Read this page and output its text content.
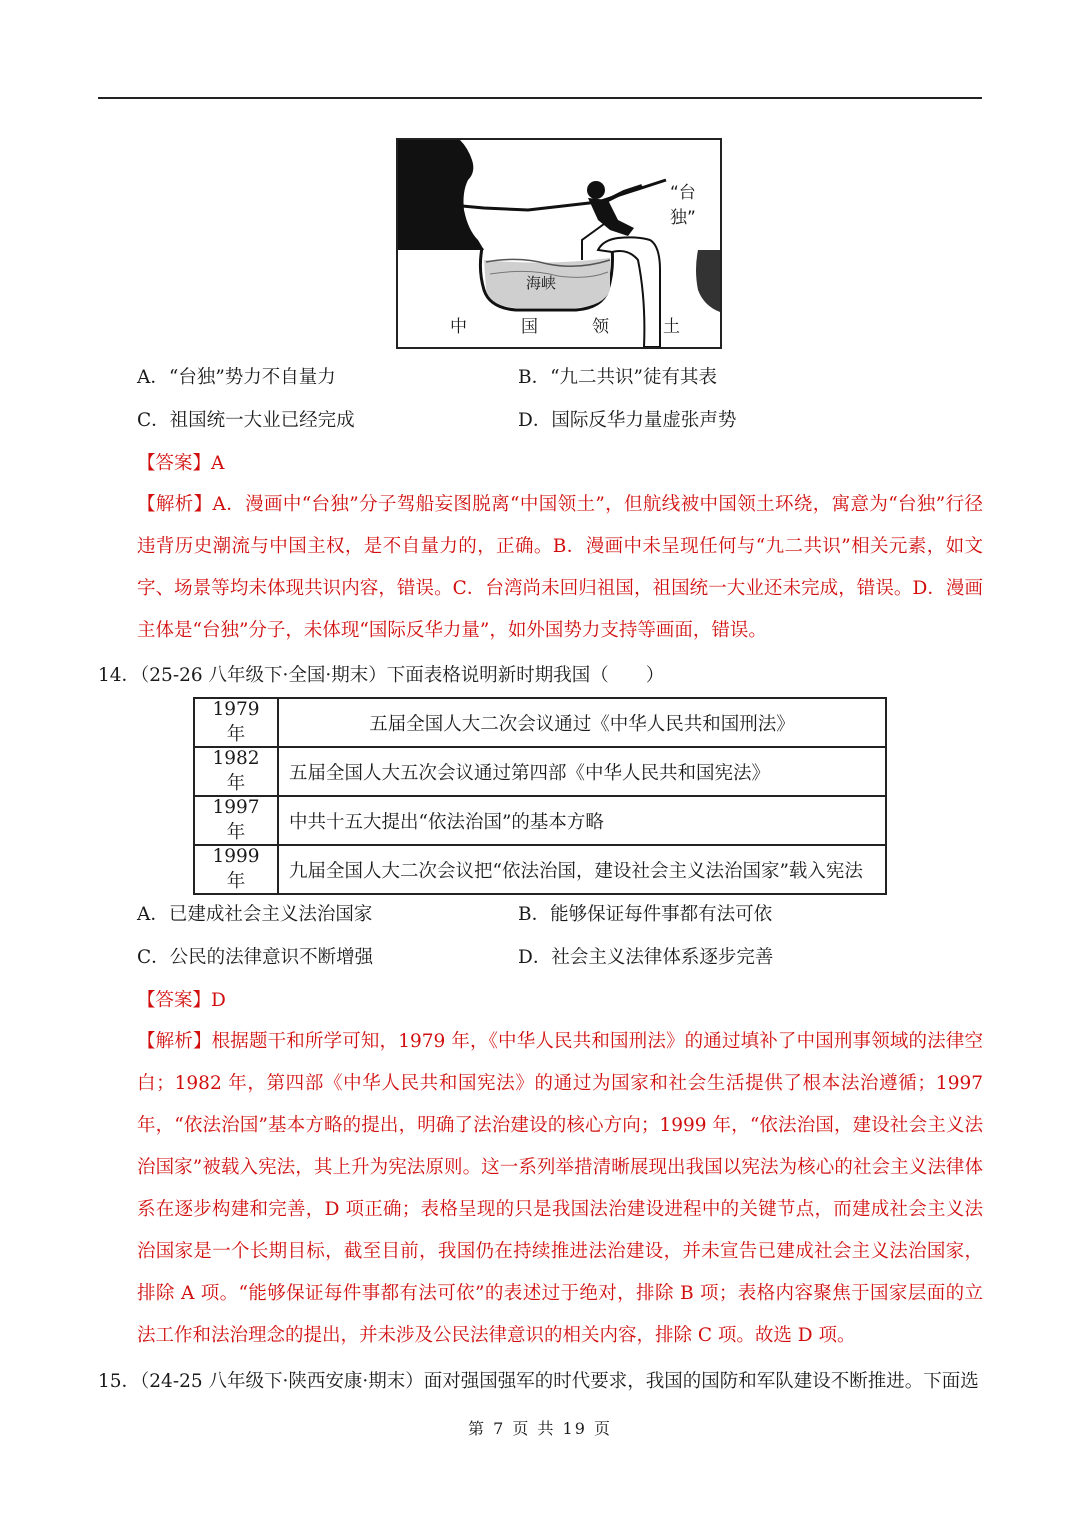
“台独”
海峡
中	国	领	土
A．“台独”势力不自量力	B．“九二共识”徒有其表
C．祖国统一大业已经完成	D．国际反华力量虚张声势
【答案】A

【解析】A．漫画中“台独”分子驾船妄图脱离“中国领土”，但航线被中国领土环绕，寓意为“台独”行径违背历史潮流与中国主权，是不自量力的，正确。B．漫画中未呈现任何与“九二共识”相关元素，如文字、场景等均未体现共识内容，错误。C．台湾尚未回归祖国，祖国统一大业还未完成，错误。D．漫画主体是“台独”分子，未体现“国际反华力量”，如外国势力支持等画面，错误。

14．（25-26 八年级下·全国·期末）下面表格说明新时期我国（　　）
1979 年	五届全国人大二次会议通过《中华人民共和国刑法》
1982 年	五届全国人大五次会议通过第四部《中华人民共和国宪法》
1997 年	中共十五大提出“依法治国”的基本方略
1999 年	九届全国人大二次会议把“依法治国，建设社会主义法治国家”载入宪法
A．已建成社会主义法治国家	B．能够保证每件事都有法可依
C．公民的法律意识不断增强	D．社会主义法律体系逐步完善
【答案】D

【解析】根据题干和所学可知，1979 年，《中华人民共和国刑法》的通过填补了中国刑事领域的法律空白；1982 年，第四部《中华人民共和国宪法》的通过为国家和社会生活提供了根本法治遵循；1997 年，“依法治国”基本方略的提出，明确了法治建设的核心方向；1999 年，“依法治国，建设社会主义法治国家”被载入宪法，其上升为宪法原则。这一系列举措清晰展现出我国以宪法为核心的社会主义法律体系在逐步构建和完善，D 项正确；表格呈现的只是我国法治建设进程中的关键节点，而建成社会主义法治国家是一个长期目标，截至目前，我国仍在持续推进法治建设，并未宣告已建成社会主义法治国家，排除 A 项。“能够保证每件事都有法可依”的表述过于绝对，排除 B 项；表格内容聚焦于国家层面的立法工作和法治理念的提出，并未涉及公民法律意识的相关内容，排除 C 项。故选 D 项。

15．（24-25 八年级下·陕西安康·期末）面对强国强军的时代要求，我国的国防和军队建设不断推进。下面选
第 7 页 共 19 页
